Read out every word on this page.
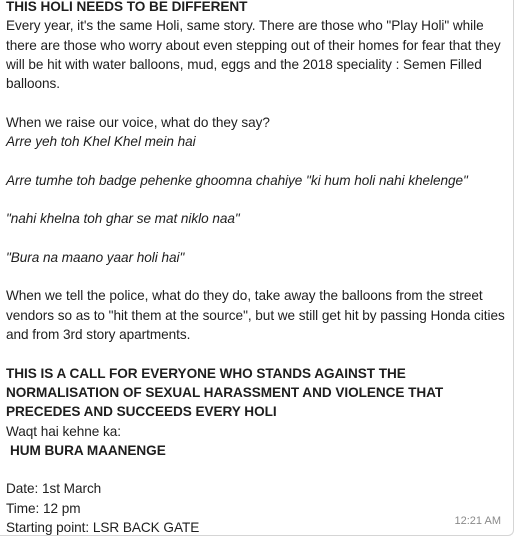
THIS HOLI NEEDS TO BE DIFFERENT

Every year, it's the same Holi, same story. There are those who "Play Holi" while there are those who worry about even stepping out of their homes for fear that they will be hit with water balloons, mud, eggs and the 2018 speciality : Semen Filled balloons.

When we raise our voice, what do they say?

Arre yeh toh Khel Khel mein hai

Arre tumhe toh badge pehenke ghoomna chahiye "ki hum holi nahi khelenge"

"nahi khelna toh ghar se mat niklo naa"

"Bura na maano yaar holi hai"

When we tell the police, what do they do, take away the balloons from the street vendors so as to "hit them at the source", but we still get hit by passing Honda cities and from 3rd story apartments.

THIS IS A CALL FOR EVERYONE WHO STANDS AGAINST THE NORMALISATION OF SEXUAL HARASSMENT AND VIOLENCE THAT PRECEDES AND SUCCEEDS EVERY HOLI

Waqt hai kehne ka:

HUM BURA MAANENGE

Date: 1st March

Time: 12 pm

Starting point: LSR BACK GATE	12:21 AM
